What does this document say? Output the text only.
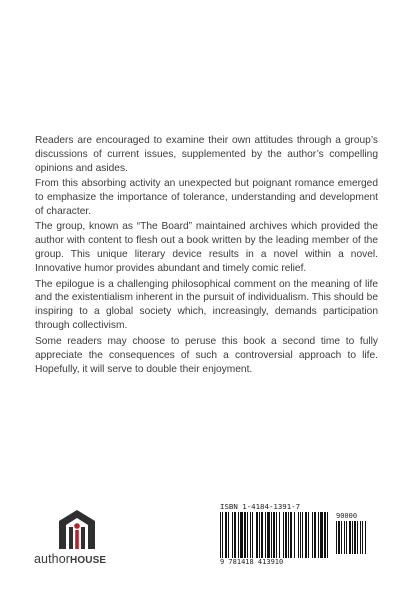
Readers are encouraged to examine their own attitudes through a group’s discussions of current issues, supplemented by the author’s compelling opinions and asides.

From this absorbing activity an unexpected but poignant romance emerged to emphasize the importance of tolerance, understanding and development of character.

The group, known as “The Board” maintained archives which provided the author with content to flesh out a book written by the leading member of the group. This unique literary device results in a novel within a novel. Innovative humor provides abundant and timely comic relief.

The epilogue is a challenging philosophical comment on the meaning of life and the existentialism inherent in the pursuit of individualism. This should be inspiring to a global society which, increasingly, demands participation through collectivism.

Some readers may choose to peruse this book a second time to fully appreciate the consequences of such a controversial approach to life. Hopefully, it will serve to double their enjoyment.

authorHOUSE
ISBN 1-4184-1391-7
90000
9 781418 413910
